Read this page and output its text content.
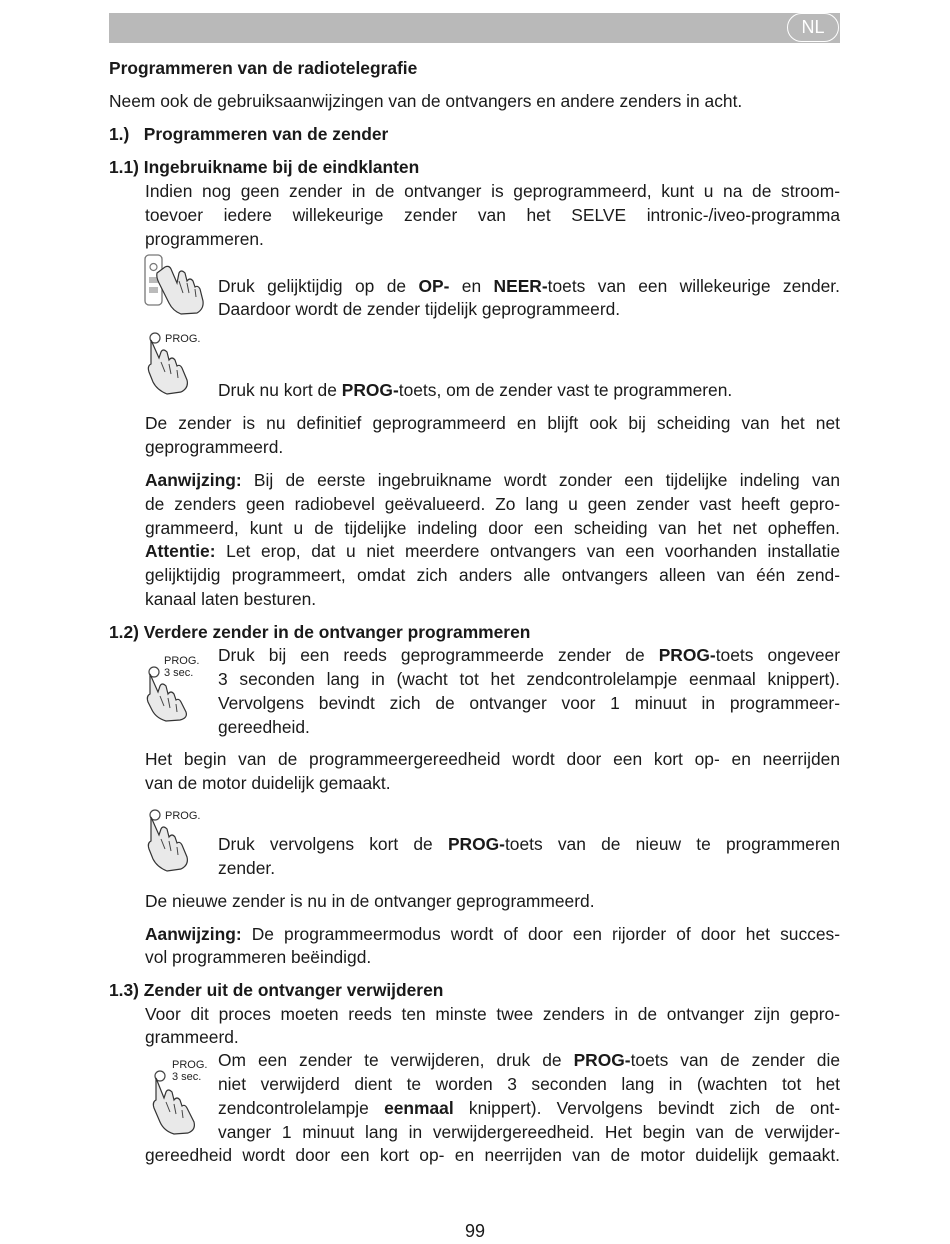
NL
Programmeren van de radiotelegrafie
Neem ook de gebruiksaanwijzingen van de ontvangers en andere zenders in acht.
1.)   Programmeren van de zender
1.1) Ingebruikname bij de eindklanten
Indien nog geen zender in de ontvanger is geprogrammeerd, kunt u na de stroom-
toevoer iedere willekeurige zender van het SELVE intronic-/iveo-programma
programmeren.
Druk gelijktijdig op de OP- en NEER-toets van een willekeurige zender.
Daardoor wordt de zender tijdelijk geprogrammeerd.
PROG.
Druk nu kort de PROG-toets, om de zender vast te programmeren.
De zender is nu definitief geprogrammeerd en blijft ook bij scheiding van het net
geprogrammeerd.
Aanwijzing: Bij de eerste ingebruikname wordt zonder een tijdelijke indeling van
de zenders geen radiobevel geëvalueerd. Zo lang u geen zender vast heeft gepro-
grammeerd, kunt u de tijdelijke indeling door een scheiding van het net opheffen.
Attentie: Let erop, dat u niet meerdere ontvangers van een voorhanden installatie
gelijktijdig programmeert, omdat zich anders alle ontvangers alleen van één zend-
kanaal laten besturen.
1.2) Verdere zender in de ontvanger programmeren
PROG.
3 sec.
Druk bij een reeds geprogrammeerde zender de PROG-toets ongeveer
3 seconden lang in (wacht tot het zendcontrolelampje eenmaal knippert).
Vervolgens bevindt zich de ontvanger voor 1 minuut in programmeer-
gereedheid.
Het begin van de programmeergereedheid wordt door een kort op- en neerrijden
van de motor duidelijk gemaakt.
PROG.
Druk vervolgens kort de PROG-toets van de nieuw te programmeren
zender.
De nieuwe zender is nu in de ontvanger geprogrammeerd.
Aanwijzing: De programmeermodus wordt of door een rijorder of door het succes-
vol programmeren beëindigd.
1.3) Zender uit de ontvanger verwijderen
Voor dit proces moeten reeds ten minste twee zenders in de ontvanger zijn gepro-
grammeerd.
PROG.
3 sec.
Om een zender te verwijderen, druk de PROG-toets van de zender die
niet verwijderd dient te worden 3 seconden lang in (wachten tot het
zendcontrolelampje eenmaal knippert). Vervolgens bevindt zich de ont-
vanger 1 minuut lang in verwijdergereedheid. Het begin van de verwijder-
gereedheid wordt door een kort op- en neerrijden van de motor duidelijk gemaakt.
99
